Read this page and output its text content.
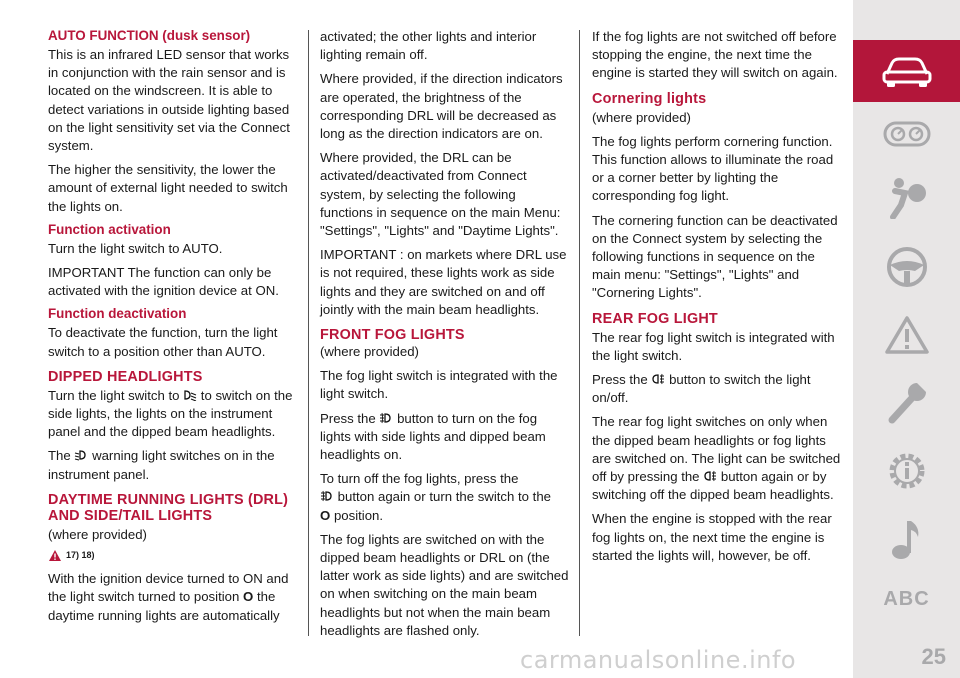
AUTO FUNCTION (dusk sensor)

This is an infrared LED sensor that works in conjunction with the rain sensor and is located on the windscreen. It is able to detect variations in outside lighting based on the light sensitivity set via the Connect system.

The higher the sensitivity, the lower the amount of external light needed to switch the lights on.

Function activation

Turn the light switch to AUTO.

IMPORTANT The function can only be activated with the ignition device at ON.

Function deactivation

To deactivate the function, turn the light switch to a position other than AUTO.

DIPPED HEADLIGHTS

Turn the light switch to to switch on the side lights, the lights on the instrument panel and the dipped beam headlights.

The warning light switches on in the instrument panel.

DAYTIME RUNNING LIGHTS (DRL) AND SIDE/TAIL LIGHTS

(where provided)

17) 18)

With the ignition device turned to ON and the light switch turned to position O the daytime running lights are automatically

activated; the other lights and interior lighting remain off.

Where provided, if the direction indicators are operated, the brightness of the corresponding DRL will be decreased as long as the direction indicators are on.

Where provided, the DRL can be activated/deactivated from Connect system, by selecting the following functions in sequence on the main Menu: "Settings", "Lights" and "Daytime Lights".

IMPORTANT : on markets where DRL use is not required, these lights work as side lights and they are switched on and off jointly with the main beam headlights.

FRONT FOG LIGHTS

(where provided)

The fog light switch is integrated with the light switch.

Press the button to turn on the fog lights with side lights and dipped beam headlights on.

To turn off the fog lights, press the
button again or turn the switch to the
O position.

The fog lights are switched on with the dipped beam headlights or DRL on (the latter work as side lights) and are switched on when switching on the main beam headlights but not when the main beam headlights are flashed only.

If the fog lights are not switched off before stopping the engine, the next time the engine is started they will switch on again.

Cornering lights

(where provided)

The fog lights perform cornering function. This function allows to illuminate the road or a corner better by lighting the corresponding fog light.

The cornering function can be deactivated on the Connect system by selecting the following functions in sequence on the main menu: "Settings", "Lights" and "Cornering Lights".

REAR FOG LIGHT

The rear fog light switch is integrated with the light switch.

Press the button to switch the light on/off.

The rear fog light switches on only when the dipped beam headlights or fog lights are switched on. The light can be switched off by pressing the button again or by switching off the dipped beam headlights.

When the engine is stopped with the rear fog lights on, the next time the engine is started the lights will, however, be off.

ABC
25
carmanualsonline.info
